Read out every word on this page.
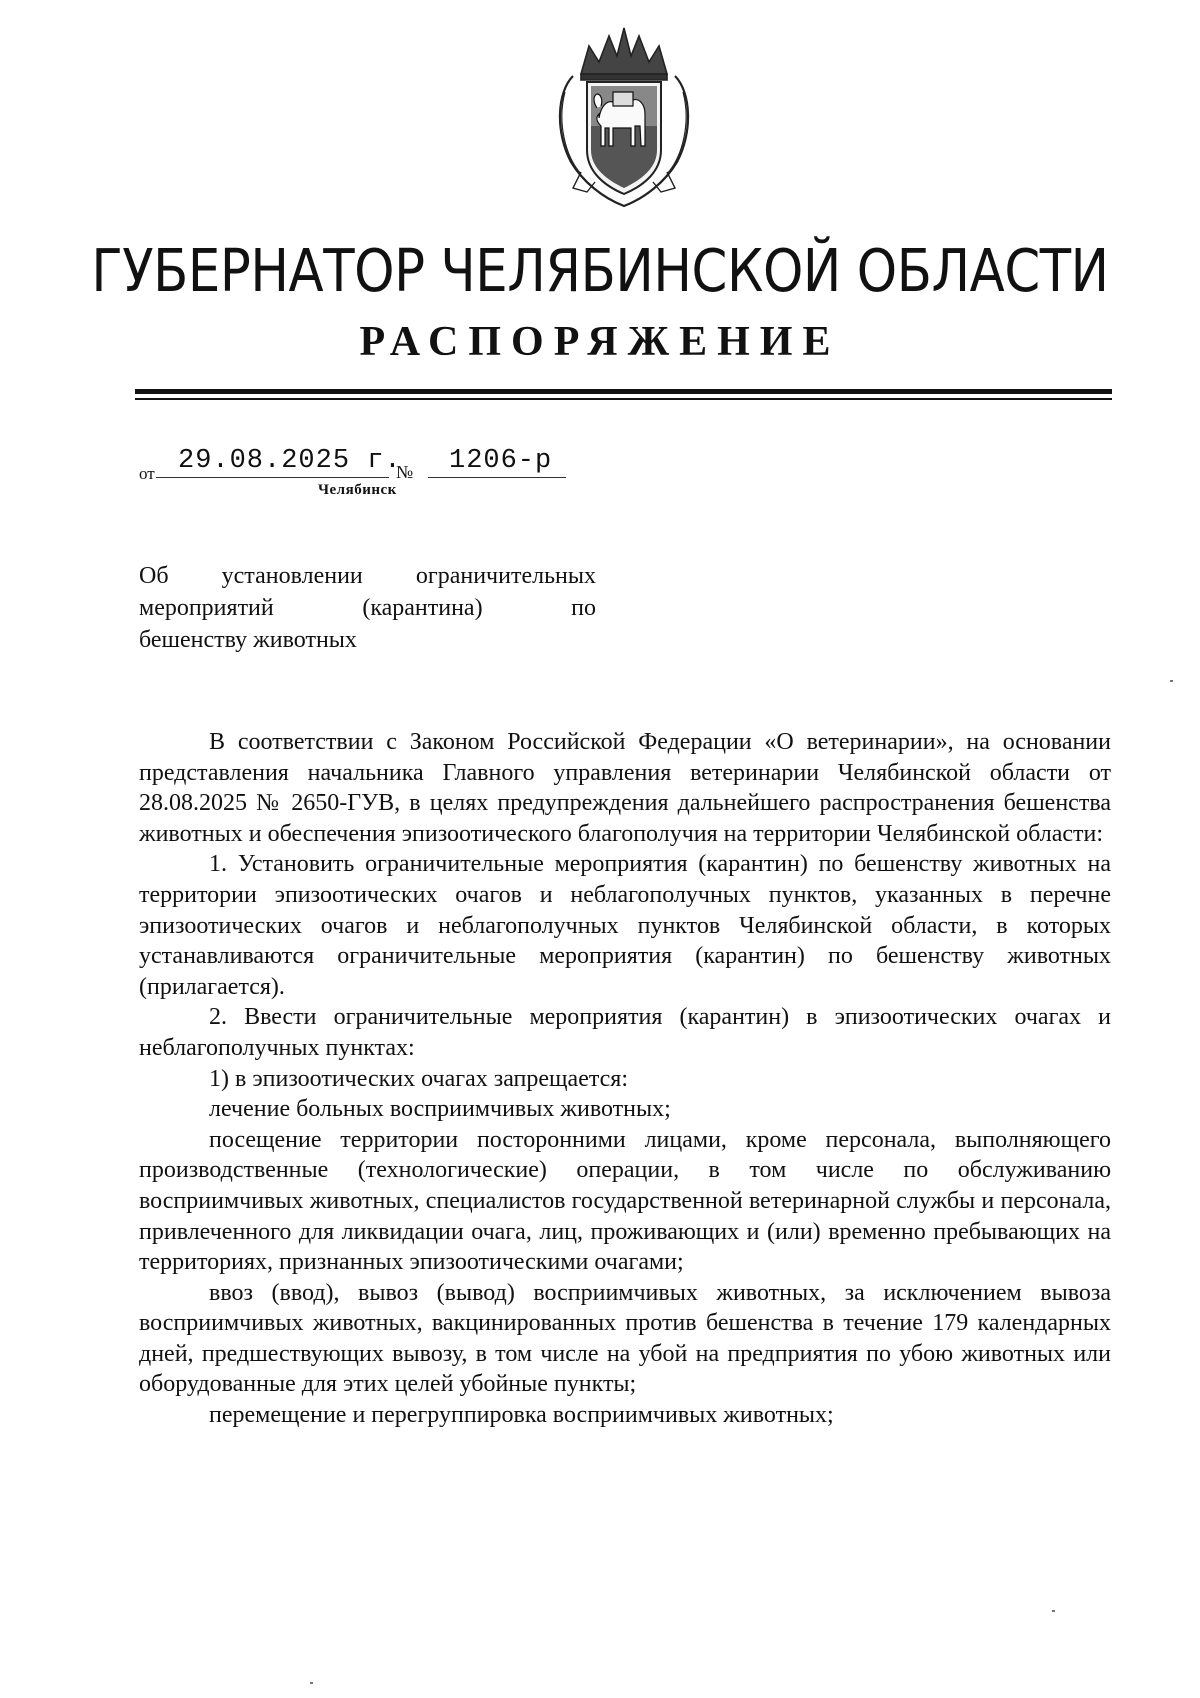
ГУБЕРНАТОР ЧЕЛЯБИНСКОЙ ОБЛАСТИ
РАСПОРЯЖЕНИЕ
от 29.08.2025 г.
№ 1206-р
Челябинск
Об установлении ограничительных
мероприятий (карантина) по
бешенству животных
В соответствии с Законом Российской Федерации «О ветеринарии», на основании представления начальника Главного управления ветеринарии Челябинской области от 28.08.2025 № 2650-ГУВ, в целях предупреждения дальнейшего распространения бешенства животных и обеспечения эпизоотического благополучия на территории Челябинской области:
1. Установить ограничительные мероприятия (карантин) по бешенству животных на территории эпизоотических очагов и неблагополучных пунктов, указанных в перечне эпизоотических очагов и неблагополучных пунктов Челябинской области, в которых устанавливаются ограничительные мероприятия (карантин) по бешенству животных (прилагается).
2. Ввести ограничительные мероприятия (карантин) в эпизоотических очагах и неблагополучных пунктах:
1) в эпизоотических очагах запрещается:
лечение больных восприимчивых животных;
посещение территории посторонними лицами, кроме персонала, выполняющего производственные (технологические) операции, в том числе по обслуживанию восприимчивых животных, специалистов государственной ветеринарной службы и персонала, привлеченного для ликвидации очага, лиц, проживающих и (или) временно пребывающих на территориях, признанных эпизоотическими очагами;
ввоз (ввод), вывоз (вывод) восприимчивых животных, за исключением вывоза восприимчивых животных, вакцинированных против бешенства в течение 179 календарных дней, предшествующих вывозу, в том числе на убой на предприятия по убою животных или оборудованные для этих целей убойные пункты;
перемещение и перегруппировка восприимчивых животных;
